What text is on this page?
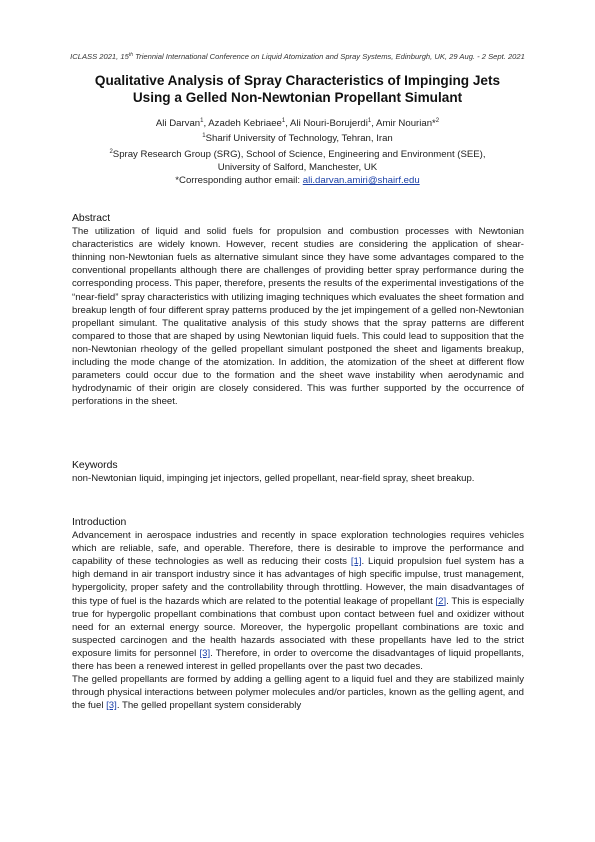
ICLASS 2021, 15th Triennial International Conference on Liquid Atomization and Spray Systems, Edinburgh, UK, 29 Aug. - 2 Sept. 2021
Qualitative Analysis of Spray Characteristics of Impinging Jets
Using a Gelled Non-Newtonian Propellant Simulant
Ali Darvan$^1$, Azadeh Kebriaee$^1$, Ali Nouri-Borujerdi$^1$, Amir Nourian*$^2$
$^1$Sharif University of Technology, Tehran, Iran
$^2$Spray Research Group (SRG), School of Science, Engineering and Environment (SEE),
University of Salford, Manchester, UK
*Corresponding author email: ali.darvan.amiri@shairf.edu
Abstract

The utilization of liquid and solid fuels for propulsion and combustion processes with Newtonian characteristics are widely known. However, recent studies are considering the application of shear-thinning non-Newtonian fuels as alternative simulant since they have some advantages compared to the conventional propellants although there are challenges of providing better spray performance during the corresponding process. This paper, therefore, presents the results of the experimental investigations of the “near-field” spray characteristics with utilizing imaging techniques which evaluates the sheet formation and breakup length of four different spray patterns produced by the jet impingement of a gelled non-Newtonian propellant simulant. The qualitative analysis of this study shows that the spray patterns are different compared to those that are shaped by using Newtonian liquid fuels. This could lead to supposition that the non-Newtonian rheology of the gelled propellant simulant postponed the sheet and ligaments breakup, including the mode change of the atomization. In addition, the atomization of the sheet at different flow parameters could occur due to the formation and the sheet wave instability when aerodynamic and hydrodynamic of their origin are closely considered. This was further supported by the occurrence of perforations in the sheet.

Keywords

non-Newtonian liquid, impinging jet injectors, gelled propellant, near-field spray, sheet breakup.

Introduction

Advancement in aerospace industries and recently in space exploration technologies requires vehicles which are reliable, safe, and operable. Therefore, there is desirable to improve the performance and capability of these technologies as well as reducing their costs [1]. Liquid propulsion fuel system has a high demand in air transport industry since it has advantages of high specific impulse, trust management, hypergolicity, proper safety and the controllability through throttling. However, the main disadvantages of this type of fuel is the hazards which are related to the potential leakage of propellant [2]. This is especially true for hypergolic propellant combinations that combust upon contact between fuel and oxidizer without need for an external energy source. Moreover, the hypergolic propellant combinations are toxic and suspected carcinogen and the health hazards associated with these propellants have led to the strict exposure limits for personnel [3]. Therefore, in order to overcome the disadvantages of liquid propellants, there has been a renewed interest in gelled propellants over the past two decades.

The gelled propellants are formed by adding a gelling agent to a liquid fuel and they are stabilized mainly through physical interactions between polymer molecules and/or particles, known as the gelling agent, and the fuel [3]. The gelled propellant system considerably
